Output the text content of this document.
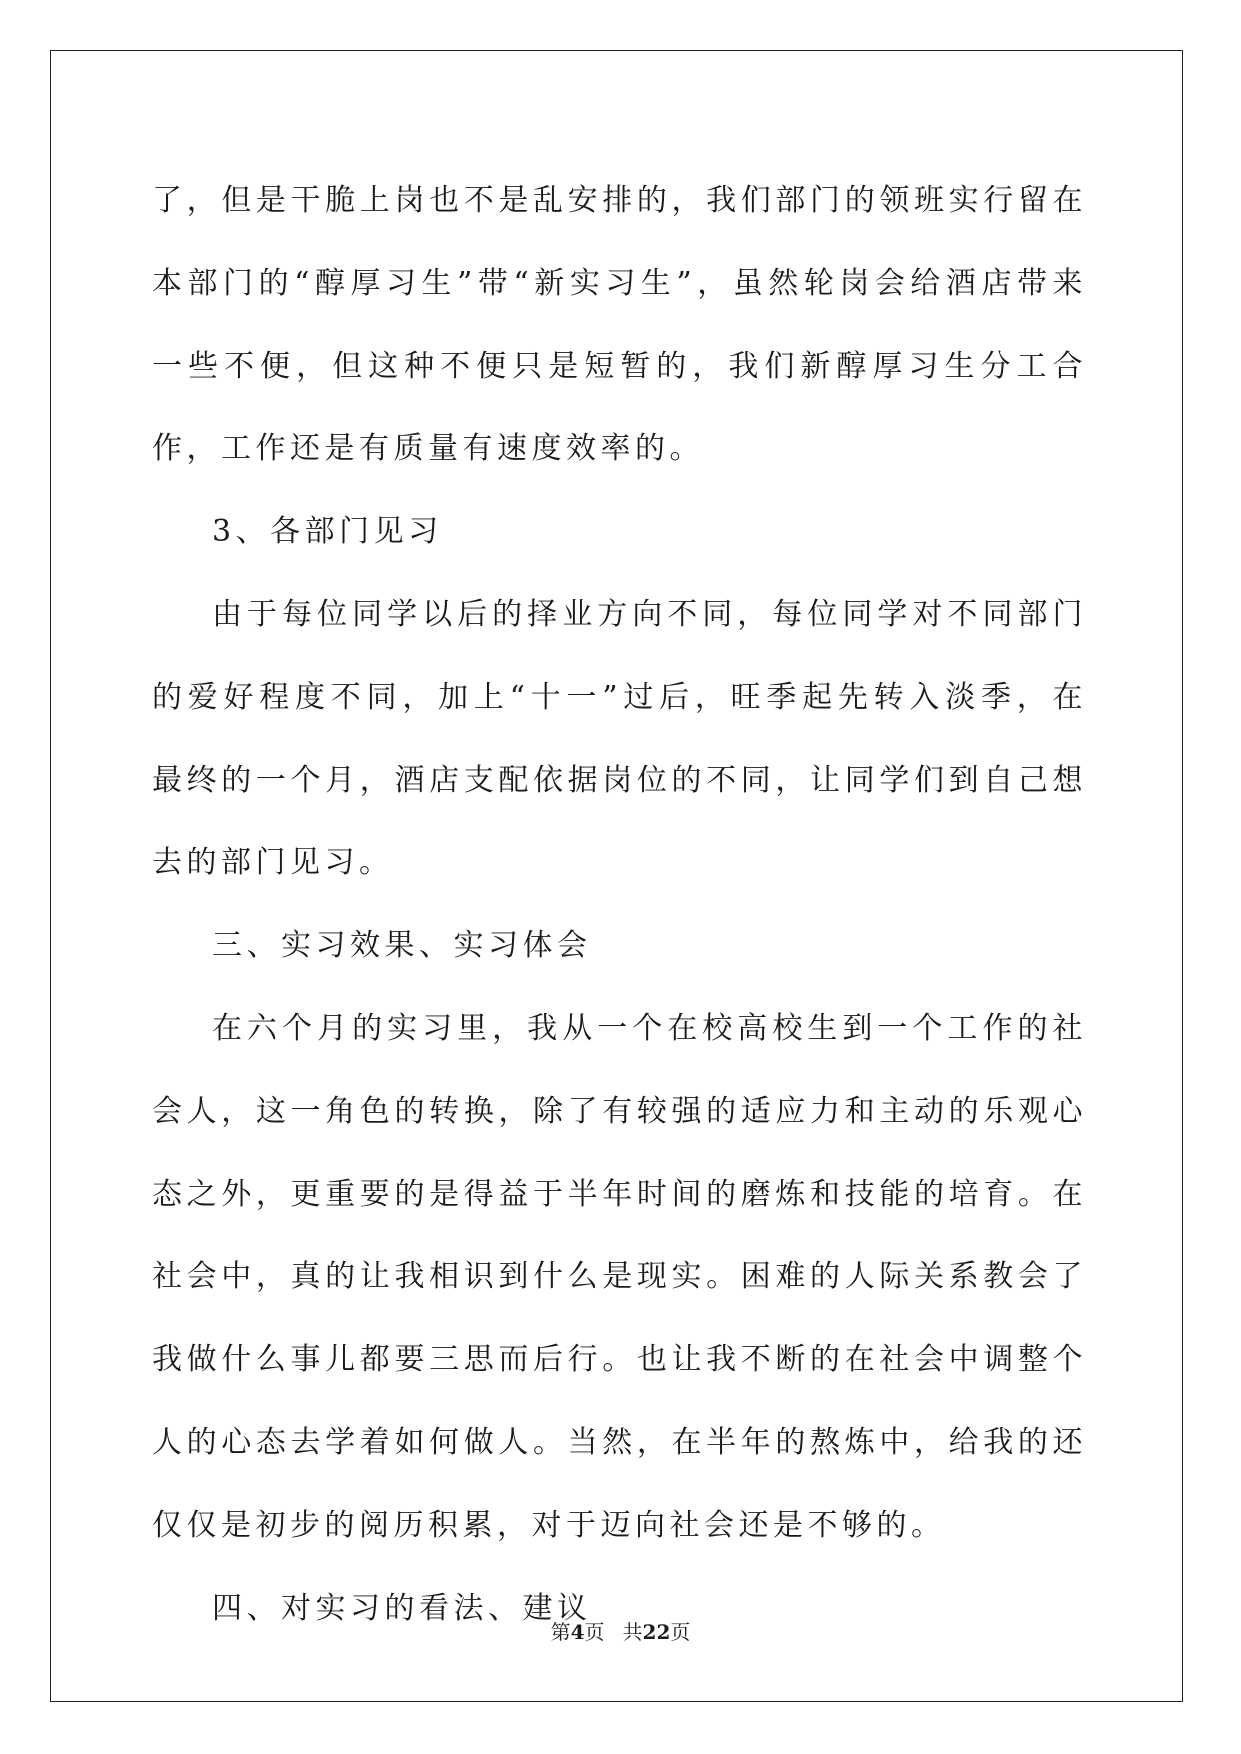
了，但是干脆上岗也不是乱安排的，我们部门的领班实行留在本部门的“醇厚习生”带“新实习生”，虽然轮岗会给酒店带来一些不便，但这种不便只是短暂的，我们新醇厚习生分工合作，工作还是有质量有速度效率的。

3、各部门见习

由于每位同学以后的择业方向不同，每位同学对不同部门的爱好程度不同，加上“十一”过后，旺季起先转入淡季，在最终的一个月，酒店支配依据岗位的不同，让同学们到自己想去的部门见习。

三、实习效果、实习体会

在六个月的实习里，我从一个在校高校生到一个工作的社会人，这一角色的转换，除了有较强的适应力和主动的乐观心态之外，更重要的是得益于半年时间的磨炼和技能的培育。在社会中，真的让我相识到什么是现实。困难的人际关系教会了我做什么事儿都要三思而后行。也让我不断的在社会中调整个人的心态去学着如何做人。当然，在半年的熬炼中，给我的还仅仅是初步的阅历积累，对于迈向社会还是不够的。

四、对实习的看法、建议

第4页 共22页
